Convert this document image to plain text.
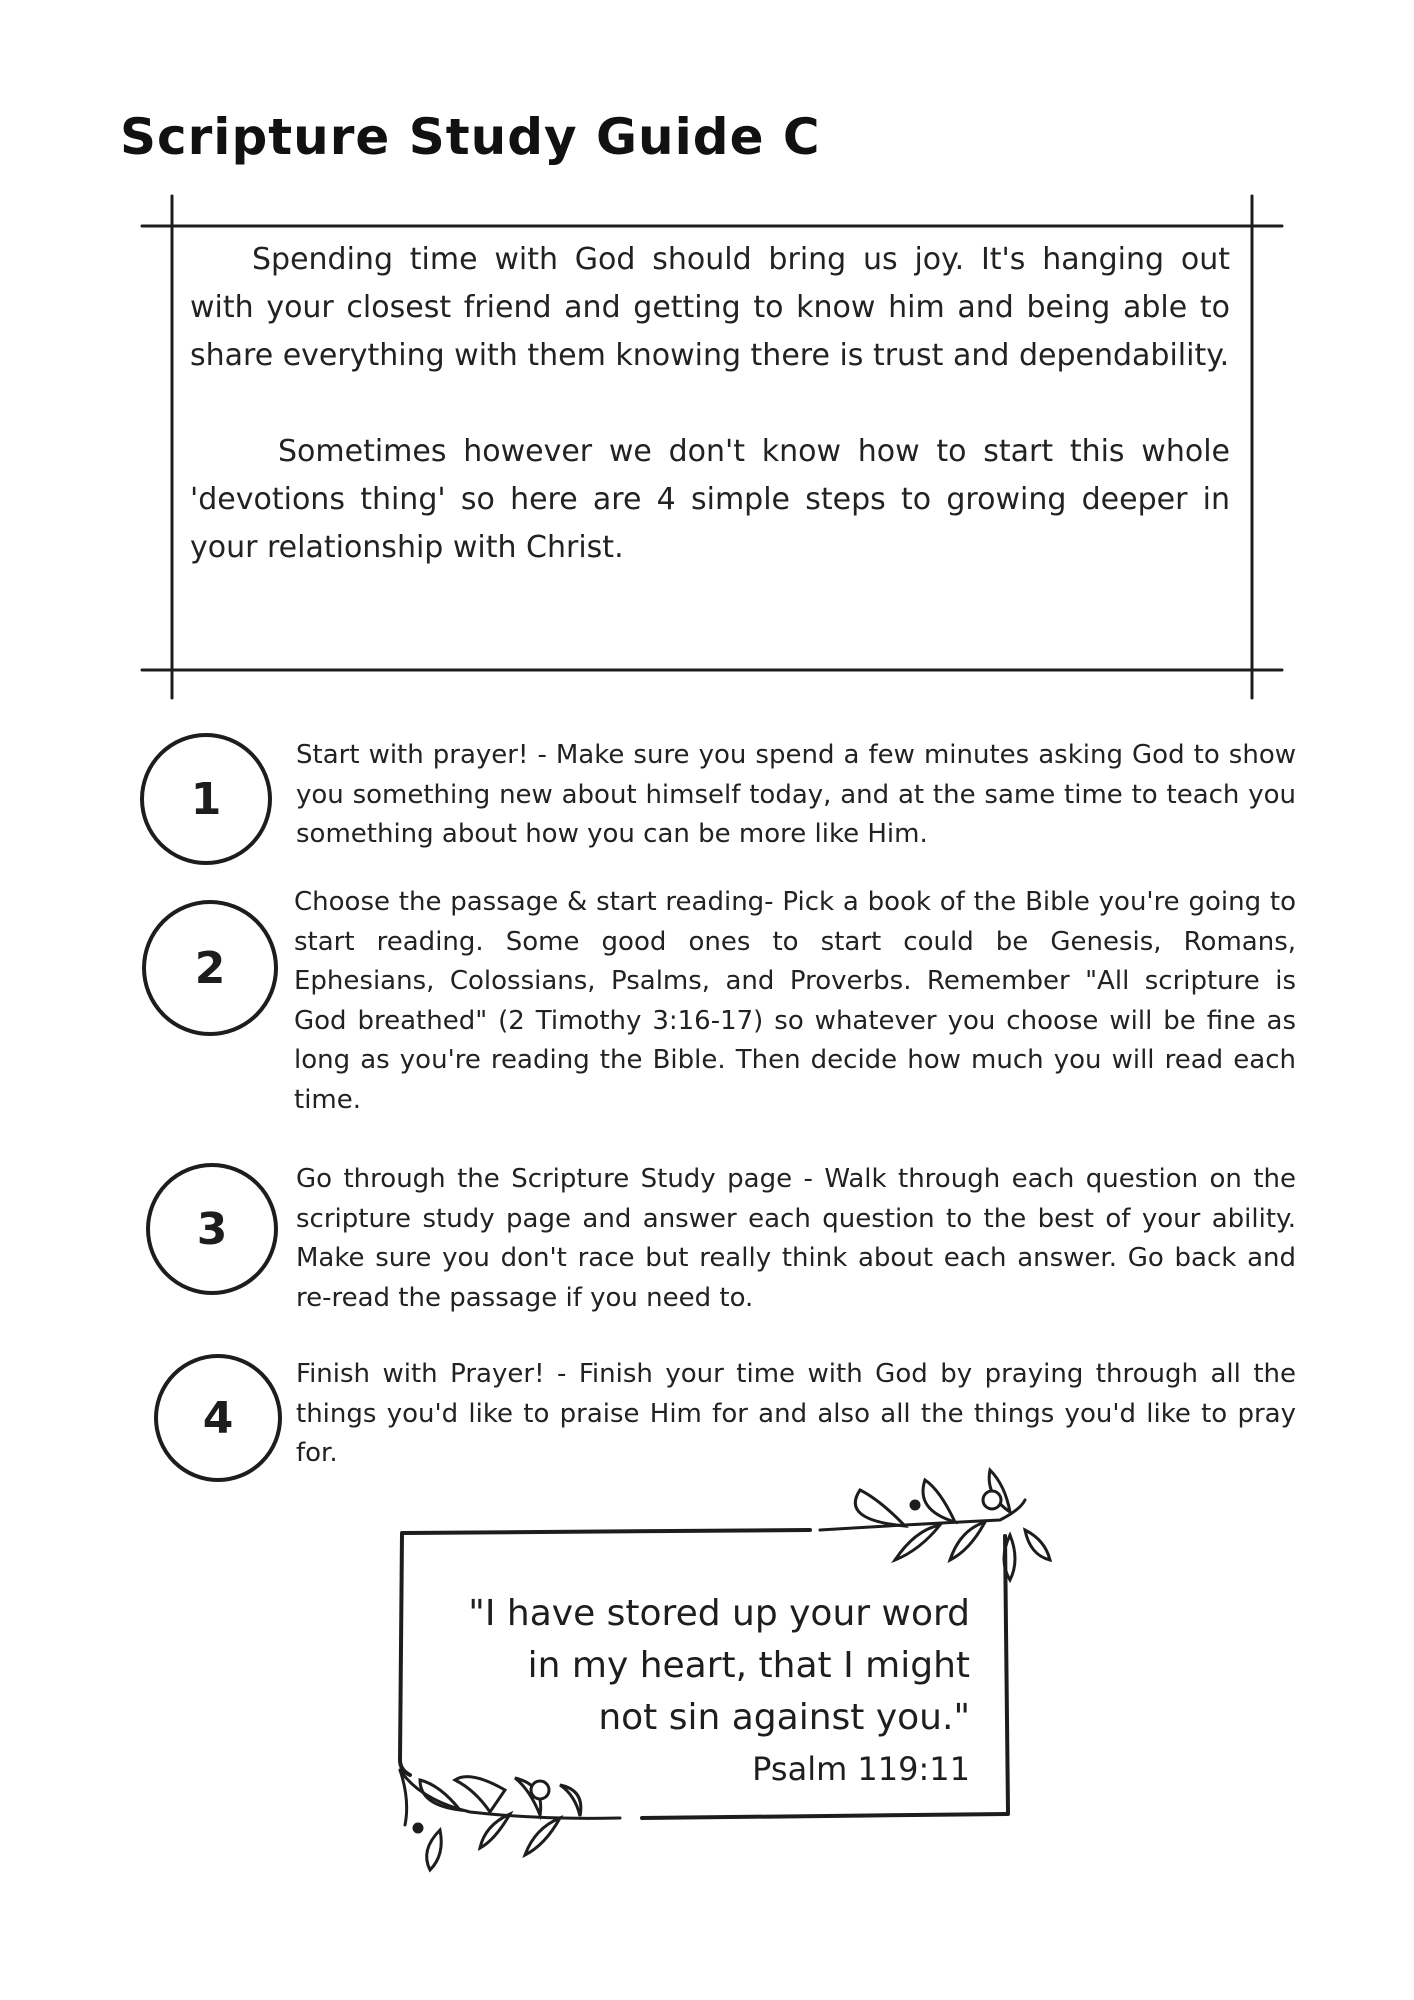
Scripture Study Guide C

Spending time with God should bring us joy. It's hanging out with your closest friend and getting to know him and being able to share everything with them knowing there is trust and dependability.

Sometimes however we don't know how to start this whole 'devotions thing' so here are 4 simple steps to growing deeper in your relationship with Christ.

1

Start with prayer! - Make sure you spend a few minutes asking God to show you something new about himself today, and at the same time to teach you something about how you can be more like Him.

2

Choose the passage & start reading- Pick a book of the Bible you're going to start reading. Some good ones to start could be Genesis, Romans, Ephesians, Colossians, Psalms, and Proverbs. Remember "All scripture is God breathed" (2 Timothy 3:16-17) so whatever you choose will be fine as long as you're reading the Bible. Then decide how much you will read each time.

3

Go through the Scripture Study page - Walk through each question on the scripture study page and answer each question to the best of your ability. Make sure you don't race but really think about each answer. Go back and re-read the passage if you need to.

4

Finish with Prayer! - Finish your time with God by praying through all the things you'd like to praise Him for and also all the things you'd like to pray for.

"I have stored up your word

in my heart, that I might

not sin against you."

Psalm 119:11
